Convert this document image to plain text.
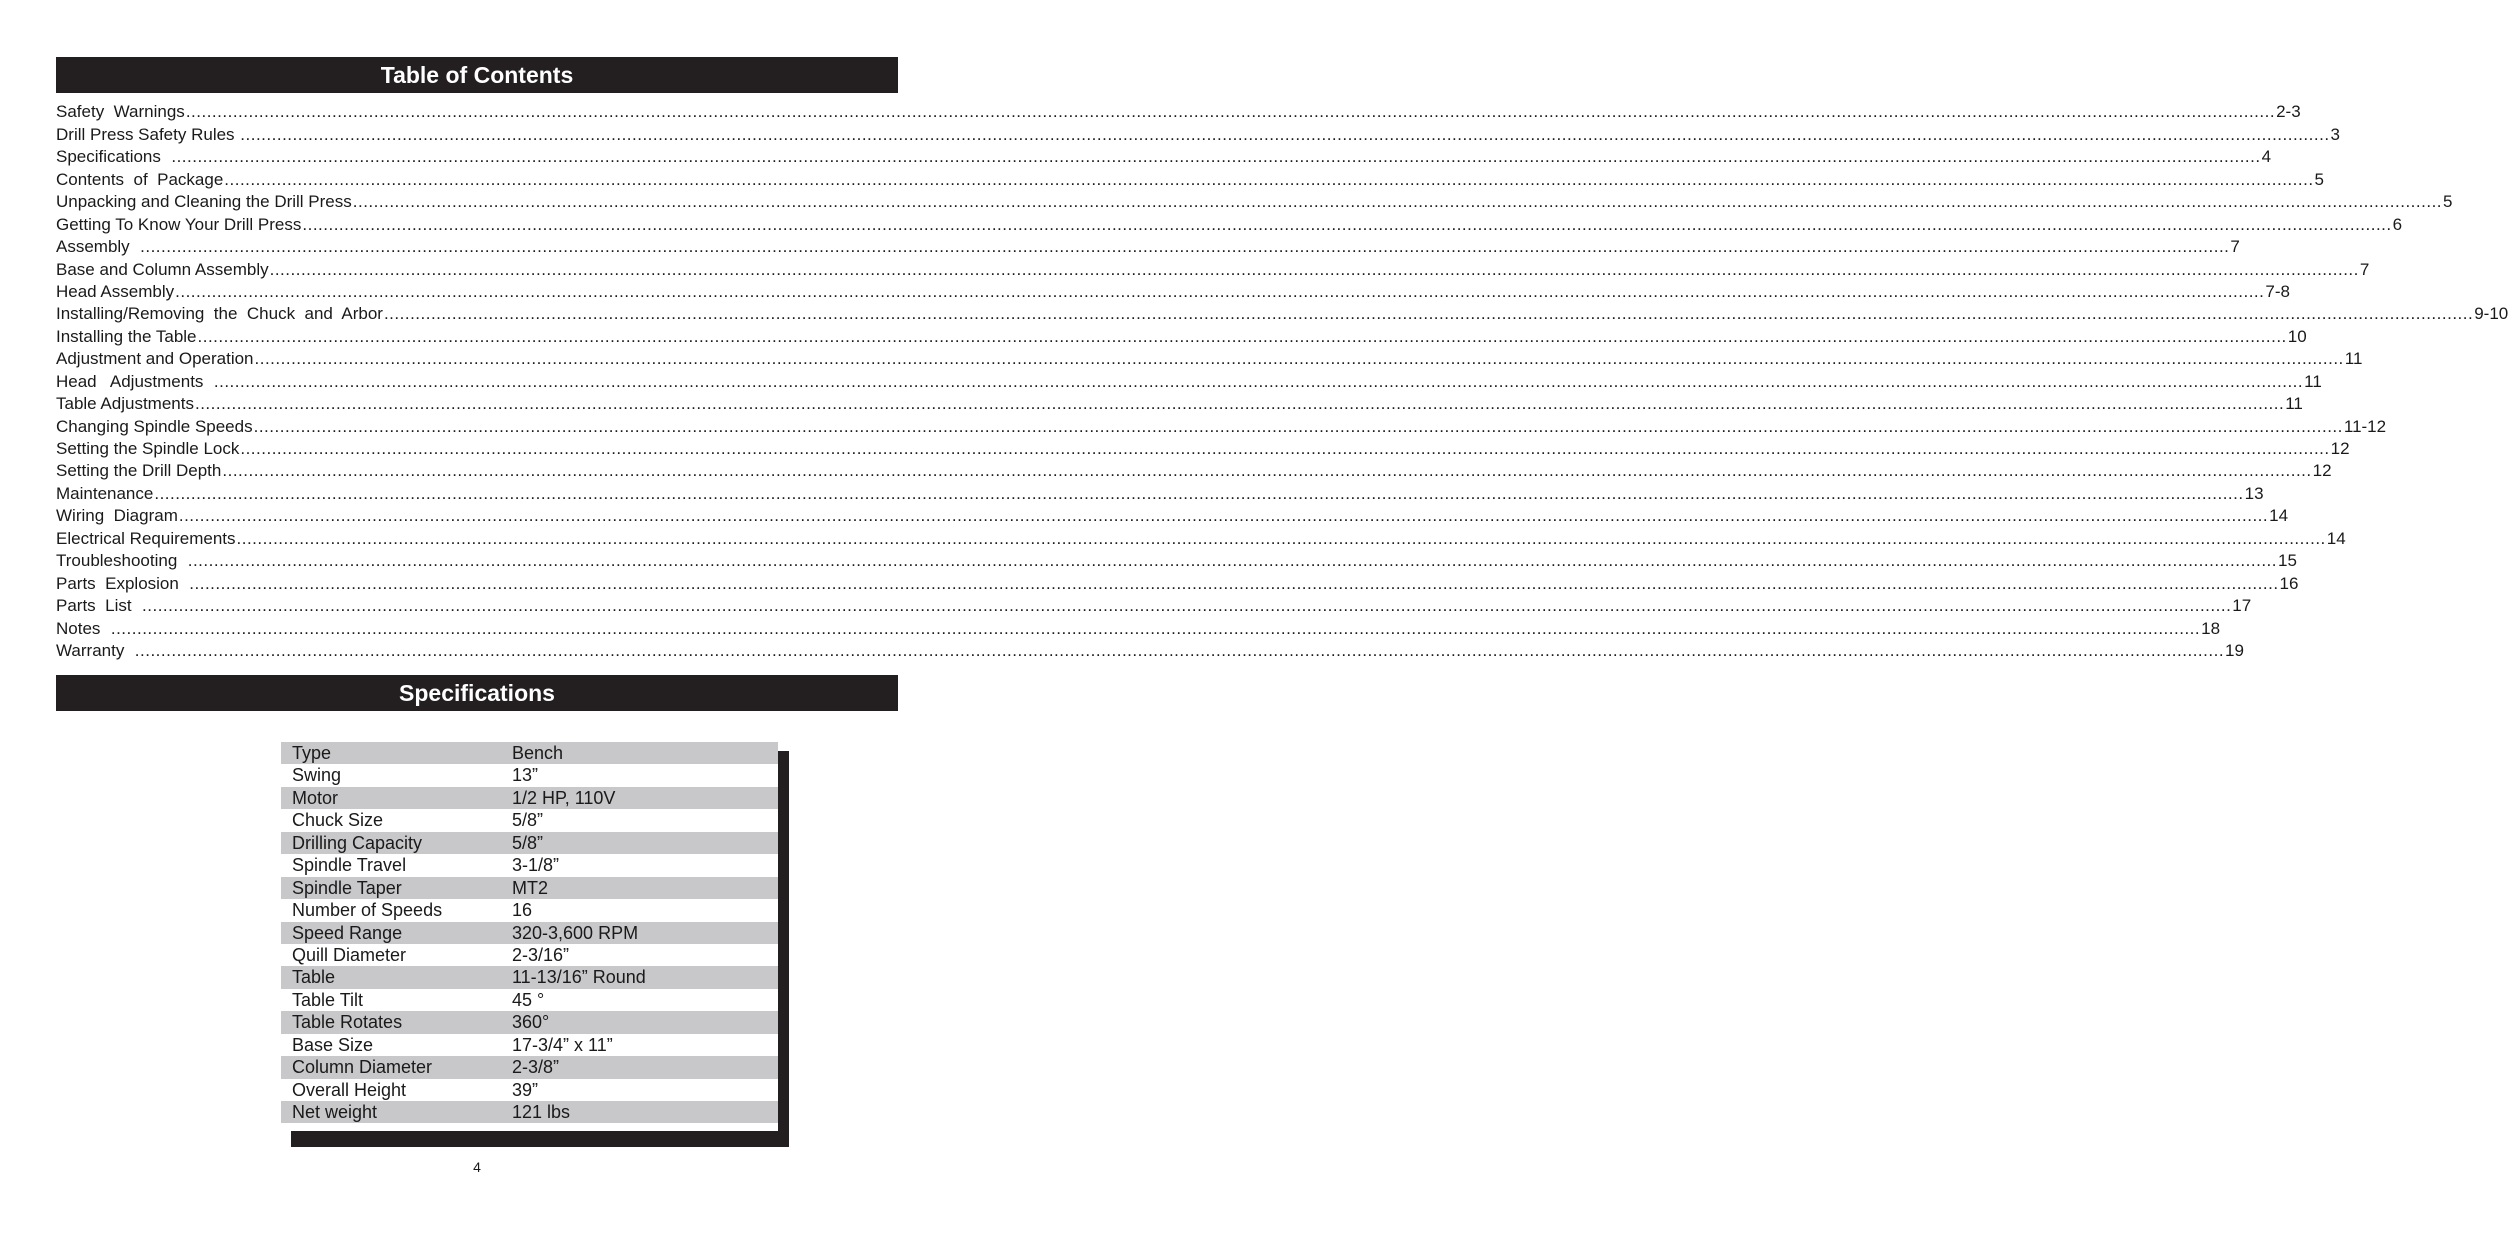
Table of Contents
Safety  Warnings ................................................................................................................................................................................................................................................................................................................................................................................................................ 2-3
Drill Press Safety Rules ................................................................................................................................................................................................................................................................................................................................................................................................................ 3
Specifications ................................................................................................................................................................................................................................................................................................................................................................................................................ 4
Contents  of  Package ................................................................................................................................................................................................................................................................................................................................................................................................................ 5
Unpacking and Cleaning the Drill Press ................................................................................................................................................................................................................................................................................................................................................................................................................ 5
Getting To Know Your Drill Press ................................................................................................................................................................................................................................................................................................................................................................................................................ 6
Assembly ................................................................................................................................................................................................................................................................................................................................................................................................................ 7
Base and Column Assembly ................................................................................................................................................................................................................................................................................................................................................................................................................ 7
Head Assembly ................................................................................................................................................................................................................................................................................................................................................................................................................ 7-8
Installing/Removing  the  Chuck  and  Arbor ................................................................................................................................................................................................................................................................................................................................................................................................................ 9-10
Installing the Table ................................................................................................................................................................................................................................................................................................................................................................................................................ 10
Adjustment and Operation ................................................................................................................................................................................................................................................................................................................................................................................................................ 11
Head   Adjustments ................................................................................................................................................................................................................................................................................................................................................................................................................ 11
Table Adjustments ................................................................................................................................................................................................................................................................................................................................................................................................................ 11
Changing Spindle Speeds ................................................................................................................................................................................................................................................................................................................................................................................................................ 11-12
Setting the Spindle Lock ................................................................................................................................................................................................................................................................................................................................................................................................................ 12
Setting the Drill Depth ................................................................................................................................................................................................................................................................................................................................................................................................................ 12
Maintenance ................................................................................................................................................................................................................................................................................................................................................................................................................ 13
Wiring  Diagram ................................................................................................................................................................................................................................................................................................................................................................................................................ 14
Electrical Requirements ................................................................................................................................................................................................................................................................................................................................................................................................................ 14
Troubleshooting ................................................................................................................................................................................................................................................................................................................................................................................................................ 15
Parts  Explosion ................................................................................................................................................................................................................................................................................................................................................................................................................ 16
Parts  List ................................................................................................................................................................................................................................................................................................................................................................................................................ 17
Notes ................................................................................................................................................................................................................................................................................................................................................................................................................ 18
Warranty ................................................................................................................................................................................................................................................................................................................................................................................................................ 19
Specifications
Type	Bench
Swing	13”
Motor	1/2 HP, 110V
Chuck Size	5/8”
Drilling Capacity	5/8”
Spindle Travel	3-1/8”
Spindle Taper	MT2
Number of Speeds	16
Speed Range	320-3,600 RPM
Quill Diameter	2-3/16”
Table	11-13/16” Round
Table Tilt	45 °
Table Rotates	360°
Base Size	17-3/4” x 11”
Column Diameter	2-3/8”
Overall Height	39”
Net weight	121 lbs
4
